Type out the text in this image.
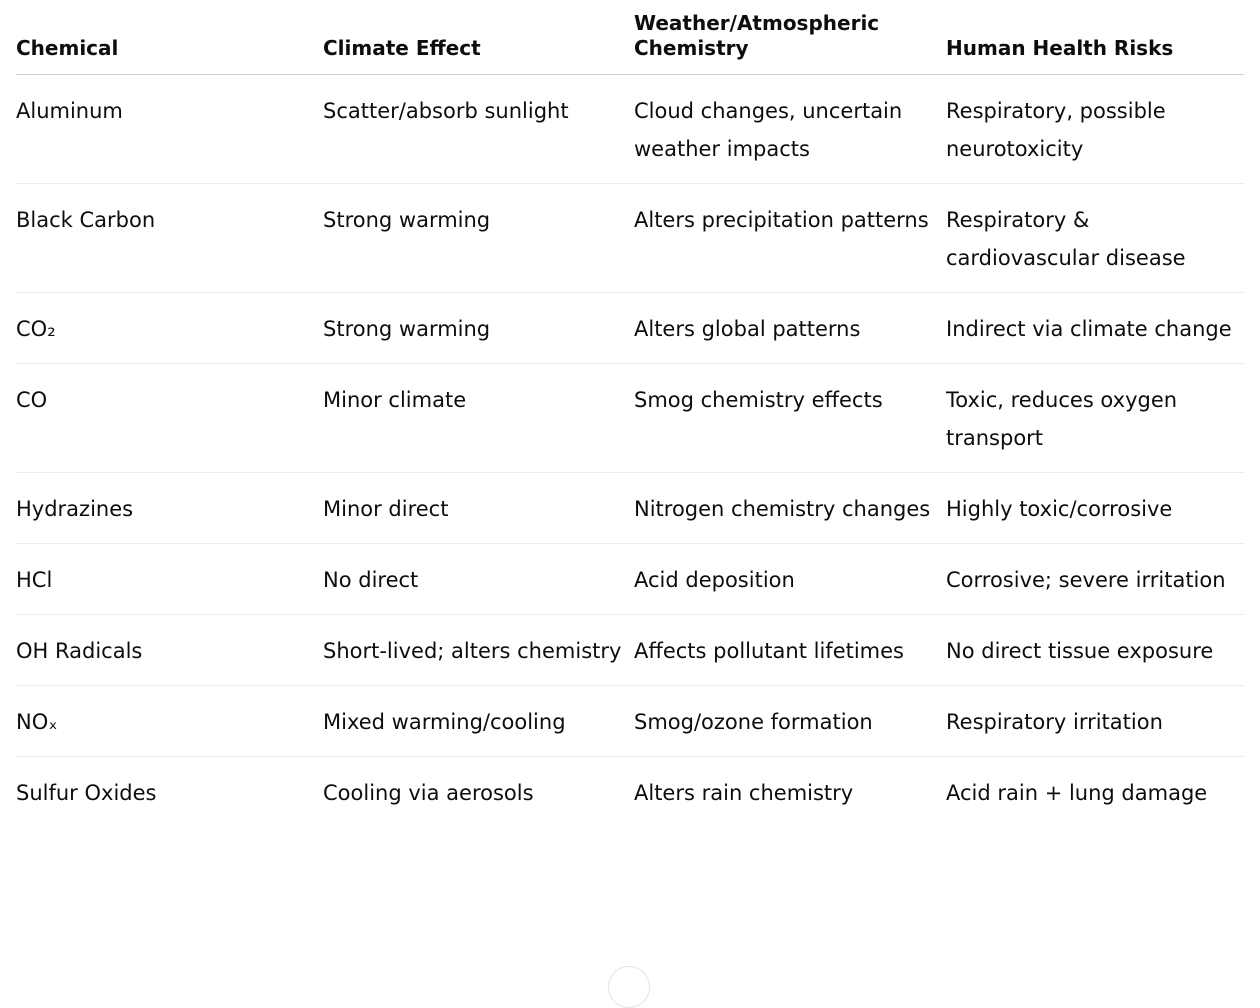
Chemical	Climate Effect	Weather/Atmospheric Chemistry	Human Health Risks

Aluminum	Scatter/absorb sunlight	Cloud changes, uncertain weather impacts	Respiratory, possible neurotoxicity
Black Carbon	Strong warming	Alters precipitation patterns	Respiratory & cardiovascular disease
CO₂	Strong warming	Alters global patterns	Indirect via climate change
CO	Minor climate	Smog chemistry effects	Toxic, reduces oxygen transport
Hydrazines	Minor direct	Nitrogen chemistry changes	Highly toxic/corrosive
HCl	No direct	Acid deposition	Corrosive; severe irritation
OH Radicals	Short-lived; alters chemistry	Affects pollutant lifetimes	No direct tissue exposure
NOₓ	Mixed warming/cooling	Smog/ozone formation	Respiratory irritation
Sulfur Oxides	Cooling via aerosols	Alters rain chemistry	Acid rain + lung damage
